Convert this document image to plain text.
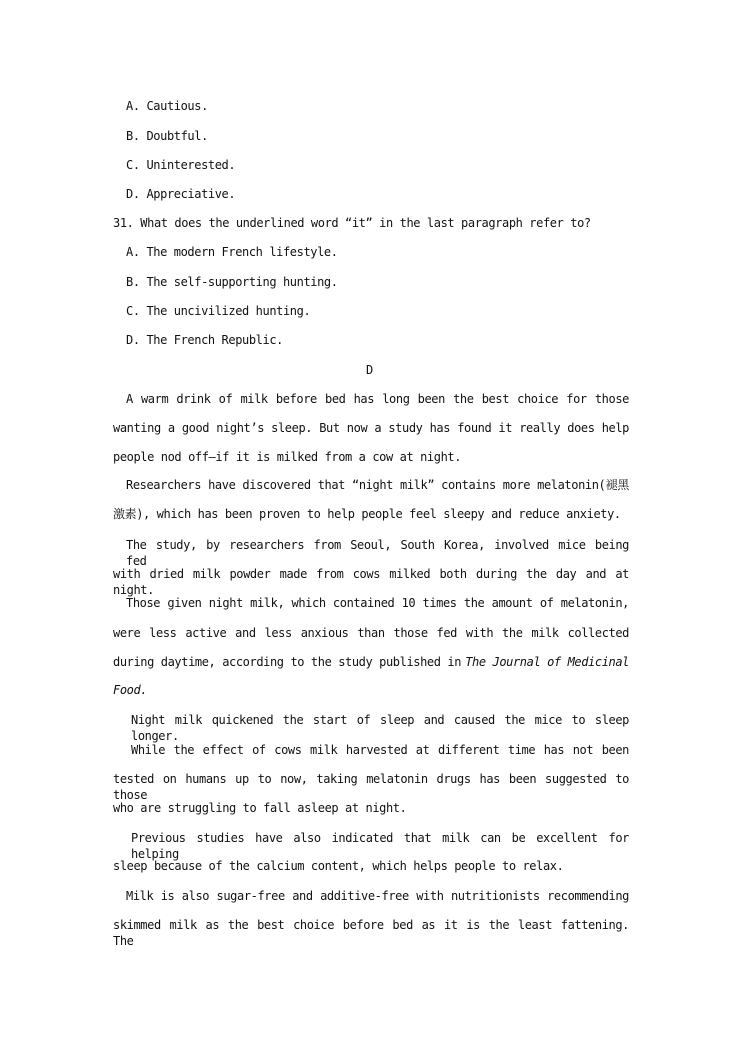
A. Cautious.
B. Doubtful.
C. Uninterested.
D. Appreciative.
31. What does the underlined word “it” in the last paragraph refer to?
A. The modern French lifestyle.
B. The self-supporting hunting.
C. The uncivilized hunting.
D. The French Republic.
D
A warm drink of milk before bed has long been the best choice for those
wanting a good night’s sleep. But now a study has found it really does help
people nod off—if it is milked from a cow at night.
Researchers have discovered that “night milk” contains more melatonin(褪黑
激素), which has been proven to help people feel sleepy and reduce anxiety.
The study, by researchers from Seoul, South Korea, involved mice being fed
with dried milk powder made from cows milked both during the day and at night.
Those given night milk, which contained 10 times the amount of melatonin,
were less active and less anxious than those fed with the milk collected
during daytime, according to the study published in The Journal of Medicinal
Food.
Night milk quickened the start of sleep and caused the mice to sleep longer.
While the effect of cows milk harvested at different time has not been
tested on humans up to now, taking melatonin drugs has been suggested to those
who are struggling to fall asleep at night.
Previous studies have also indicated that milk can be excellent for helping
sleep because of the calcium content, which helps people to relax.
Milk is also sugar-free and additive-free with nutritionists recommending
skimmed milk as the best choice before bed as it is the least fattening. The
